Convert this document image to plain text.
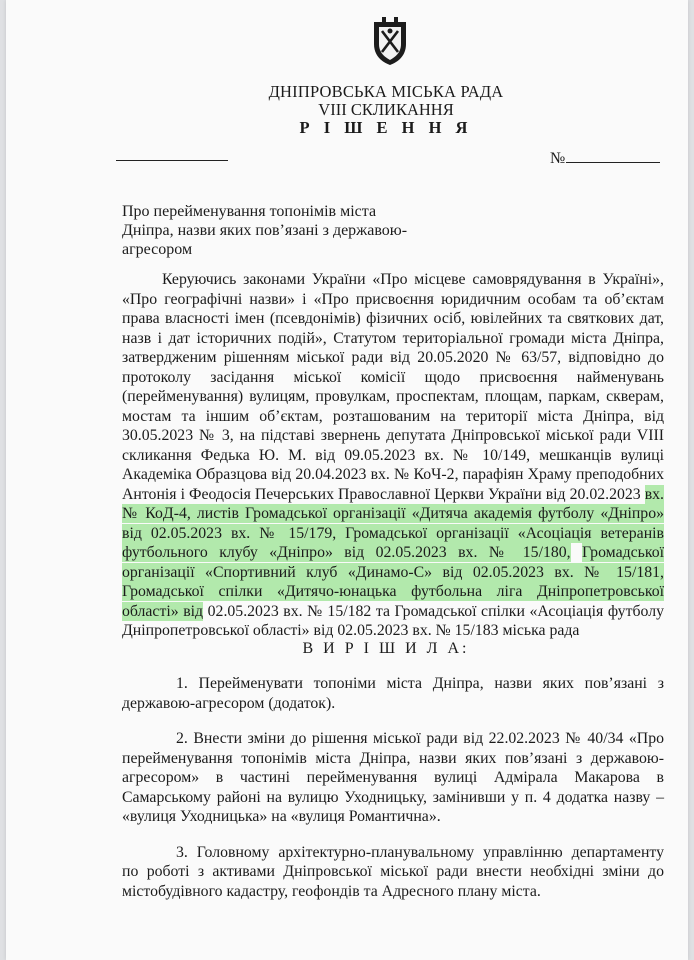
ДНІПРОВСЬКА МІСЬКА РАДА
VIII СКЛИКАННЯ
Р І Ш Е Н Н Я
№
Про перейменування топонімів міста Дніпра, назви яких пов’язані з державою-агресором

Керуючись законами України «Про місцеве самоврядування в Україні», «Про географічні назви» і «Про присвоєння юридичним особам та об’єктам права власності імен (псевдонімів) фізичних осіб, ювілейних та святкових дат, назв і дат історичних подій», Статутом територіальної громади міста Дніпра, затвердженим рішенням міської ради від 20.05.2020 № 63/57, відповідно до протоколу засідання міської комісії щодо присвоєння найменувань (перейменування) вулицям, провулкам, проспектам, площам, паркам, скверам, мостам та іншим об’єктам, розташованим на території міста Дніпра, від 30.05.2023 № 3, на підставі звернень депутата Дніпровської міської ради VIII скликання Федька Ю. М. від 09.05.2023 вх. № 10/149, мешканців вулиці Академіка Образцова від 20.04.2023 вх. № КоЧ-2, парафіян Храму преподобних Антонія і Феодосія Печерських Православної Церкви України від 20.02.2023 вх. № КоД-4, листів Громадської організації «Дитяча академія футболу «Дніпро» від 02.05.2023 вх. № 15/179, Громадської організації «Асоціація ветеранів футбольного клубу «Дніпро» від 02.05.2023 вх. № 15/180, Громадської організації «Спортивний клуб «Динамо-С» від 02.05.2023 вх. № 15/181, Громадської спілки «Дитячо-юнацька футбольна ліга Дніпропетровської області» від 02.05.2023 вх. № 15/182 та Громадської спілки «Асоціація футболу Дніпропетровської області» від 02.05.2023 вх. № 15/183 міська рада

В И Р І Ш И Л А:

1. Перейменувати топоніми міста Дніпра, назви яких пов’язані з державою-агресором (додаток).

2. Внести зміни до рішення міської ради від 22.02.2023 № 40/34 «Про перейменування топонімів міста Дніпра, назви яких пов’язані з державою-агресором» в частині перейменування вулиці Адмірала Макарова в Самарському районі на вулицю Уходницьку, замінивши у п. 4 додатка назву – «вулиця Уходницька» на «вулиця Романтична».

3. Головному архітектурно-планувальному управлінню департаменту по роботі з активами Дніпровської міської ради внести необхідні зміни до містобудівного кадастру, геофондів та Адресного плану міста.
